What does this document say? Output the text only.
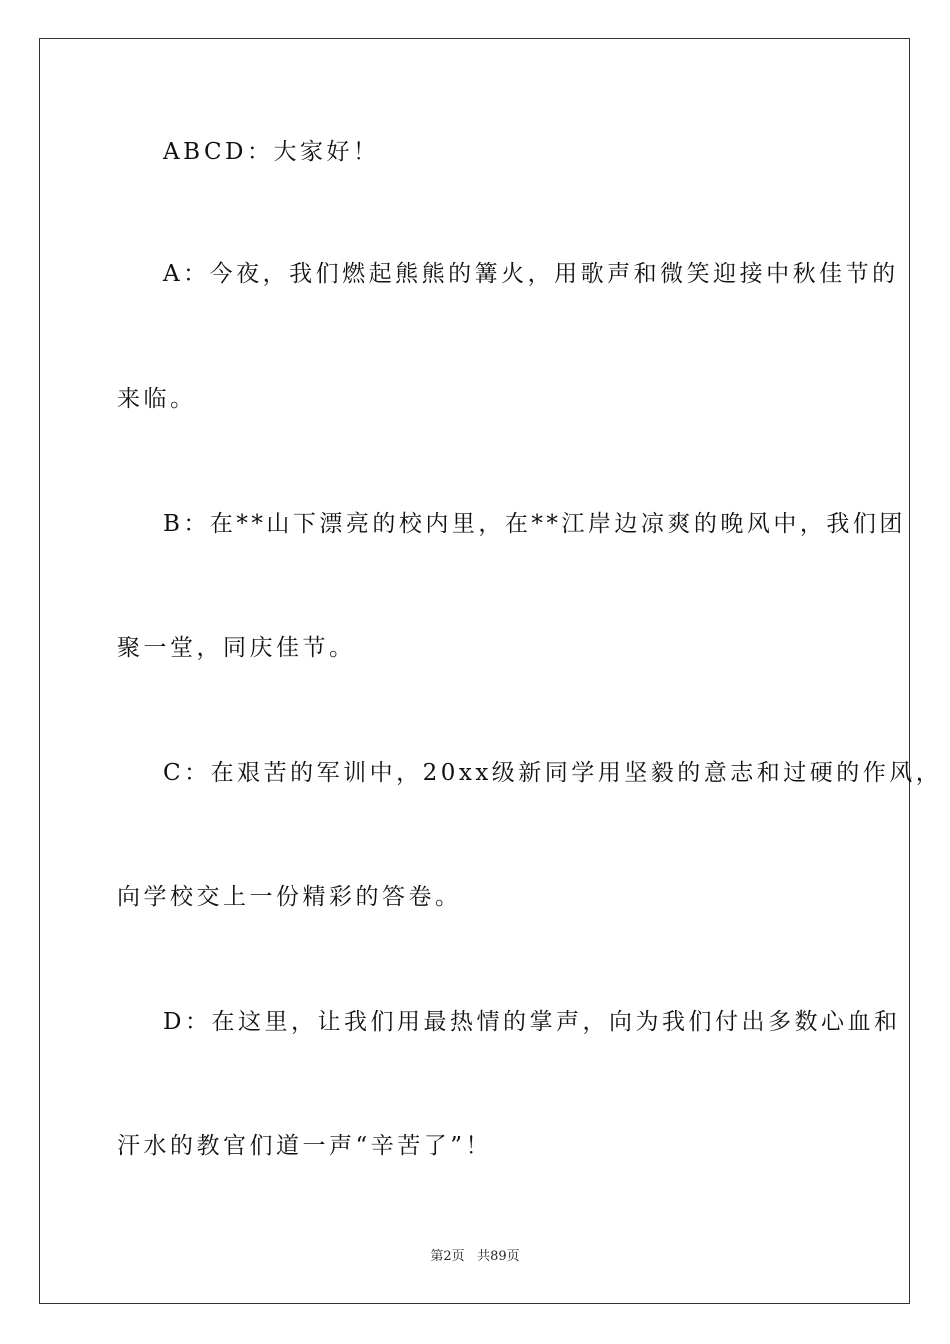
ABCD：大家好！
A：今夜，我们燃起熊熊的篝火，用歌声和微笑迎接中秋佳节的
来临。
B：在**山下漂亮的校内里，在**江岸边凉爽的晚风中，我们团
聚一堂，同庆佳节。
C：在艰苦的军训中，20xx级新同学用坚毅的意志和过硬的作风，
向学校交上一份精彩的答卷。
D：在这里，让我们用最热情的掌声，向为我们付出多数心血和
汗水的教官们道一声“辛苦了”！
第2页 共89页
